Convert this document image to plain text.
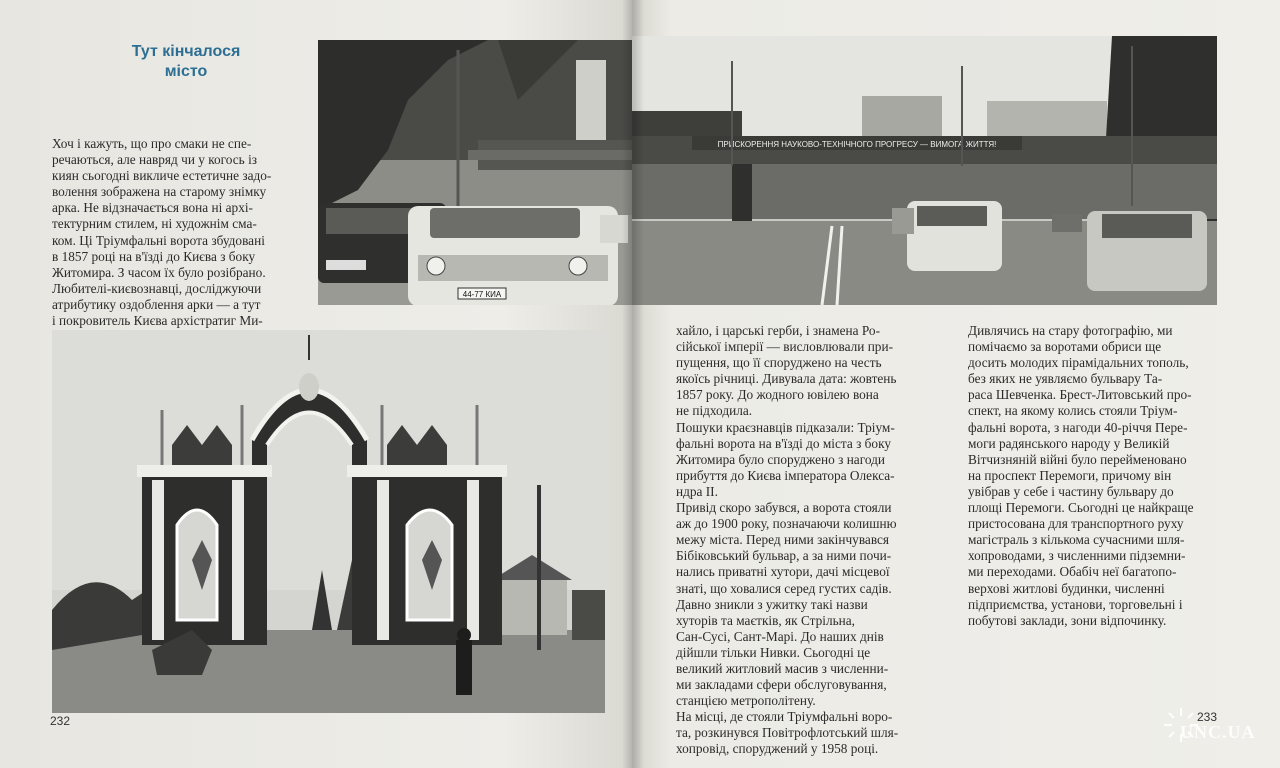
Тут кінчалося
місто

Хоч і кажуть, що про смаки не спе-

речаються, але навряд чи у когось із

киян сьогодні викличе естетичне задо-

волення зображена на старому знімку

арка. Не відзначається вона ні архі-

тектурним стилем, ні художнім сма-

ком. Ці Тріумфальні ворота збудовані

в 1857 році на в'їзді до Києва з боку

Житомира. З часом їх було розібрано.

Любителі-києвознавці, досліджуючи

атрибутику оздоблення арки — а тут

і покровитель Києва архістратиг Ми-

44-77 КИА
232
ПРИСКОРЕННЯ НАУКОВО-ТЕХНІЧНОГО ПРОГРЕСУ — ВИМОГА ЖИТТЯ!

хайло, і царські герби, і знамена Ро-

сійської імперії — висловлювали при-

пущення, що її споруджено на честь

якоїсь річниці. Дивувала дата: жовтень

1857 року. До жодного ювілею вона

не підходила.

Пошуки краєзнавців підказали: Тріум-

фальні ворота на в'їзді до міста з боку

Житомира було споруджено з нагоди

прибуття до Києва імператора Олекса-

ндра II.

Привід скоро забувся, а ворота стояли

аж до 1900 року, позначаючи колишню

межу міста. Перед ними закінчувався

Бібіковський бульвар, а за ними почи-

нались приватні хутори, дачі місцевої

знаті, що ховалися серед густих садів.

Давно зникли з ужитку такі назви

хуторів та маєтків, як Стрільна,

Сан-Сусі, Сант-Марі. До наших днів

дійшли тільки Нивки. Сьогодні це

великий житловий масив з численни-

ми закладами сфери обслуговування,

станцією метрополітену.

На місці, де стояли Тріумфальні воро-

та, розкинувся Повітрофлотський шля-

хопровід, споруджений у 1958 році.

Дивлячись на стару фотографію, ми

помічаємо за воротами обриси ще

досить молодих пірамідальних тополь,

без яких не уявляємо бульвару Та-

раса Шевченка. Брест-Литовський про-

спект, на якому колись стояли Тріум-

фальні ворота, з нагоди 40-річчя Пере-

моги радянського народу у Великій

Вітчизняній війні було перейменовано

на проспект Перемоги, причому він

увібрав у себе і частину бульвару до

площі Перемоги. Сьогодні це найкраще

пристосована для транспортного руху

магістраль з кількома сучасними шля-

хопроводами, з численними підземни-

ми переходами. Обабіч неї багатопо-

верхові житлові будинки, численні

підприємства, установи, торговельні і

побутові заклади, зони відпочинку.

233
UNC.UA
